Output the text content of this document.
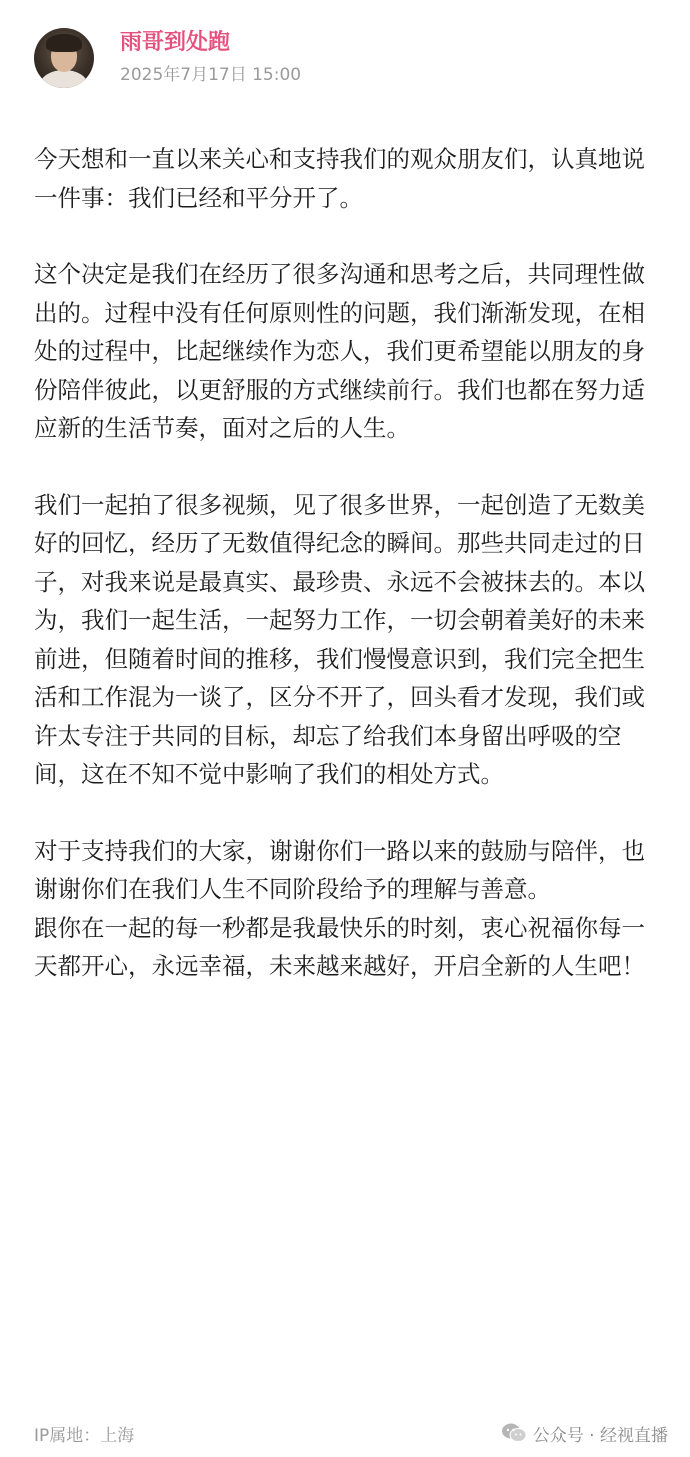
雨哥到处跑
2025年7月17日 15:00

今天想和一直以来关心和支持我们的观众朋友们，认真地说一件事：我们已经和平分开了。

这个决定是我们在经历了很多沟通和思考之后，共同理性做出的。过程中没有任何原则性的问题，我们渐渐发现，在相处的过程中，比起继续作为恋人，我们更希望能以朋友的身份陪伴彼此，以更舒服的方式继续前行。我们也都在努力适应新的生活节奏，面对之后的人生。

我们一起拍了很多视频，见了很多世界，一起创造了无数美好的回忆，经历了无数值得纪念的瞬间。那些共同走过的日子，对我来说是最真实、最珍贵、永远不会被抹去的。本以为，我们一起生活，一起努力工作，一切会朝着美好的未来前进，但随着时间的推移，我们慢慢意识到，我们完全把生活和工作混为一谈了，区分不开了，回头看才发现，我们或许太专注于共同的目标，却忘了给我们本身留出呼吸的空间，这在不知不觉中影响了我们的相处方式。

对于支持我们的大家，谢谢你们一路以来的鼓励与陪伴，也谢谢你们在我们人生不同阶段给予的理解与善意。

跟你在一起的每一秒都是我最快乐的时刻，衷心祝福你每一天都开心，永远幸福，未来越来越好，开启全新的人生吧！

IP属地：上海	公众号 · 经视直播
